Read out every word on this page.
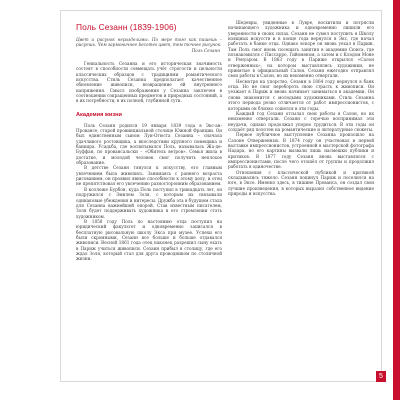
Поль Сезанн (1839-1906)

Цвет и рисунок неразделимы. По мере того как пишешь – рисуешь. Чем гармоничнее becomes цвет, тем точнее рисунок.

Поль Сезанн

Гениальность Сезанна и его историческая значимость состоят в способности совмещать учёт строгости и цельности классических образцов с традициями романтического искусства. Стиль Сезанна предполагает качественное обновление живописи, возвращение ей внутреннего напряжения. Смысл изображения у Сезанна заключен в соотношении сокращенных предметов и природных состояний, а в их потребности, в их полной, глубинной сути.

Академия жизни

Поль Сезанн родился 19 января 1839 года в Экс-ан-Провансе, старой провинциальной столице Южной Франции. Он был единственным сыном Луи-Огюста Сезанна – сначала удачливого ростовщика, а впоследствии крупного помещика и банкира. Усадьба, где воспитывался Поль, называлась Жа-де-Буффан, по провансальски – «Обитель ветров». Семья жила в достатке, и молодой человек смог получить неплохое образование.

В детстве Сезанн тянулся к искусству, его главным увлечением была живопись. Занимаясь с раннего возраста рисованием, он проявил явные способности к этому делу, и отец не препятствовал его увлечению разносторонним образованием.

В коллеже Бурбон, куда Поль поступил в тринадцать лет, он подружился с Эмилем Золя, с которым их связывали одинаковые убеждения и интересы. Дружба эта в будущем стала для Сезанна важнейшей опорой. Став известным писателем, Золя будет поддерживать художника в его стремлении стать художником.

В 1858 году Поль по настоянию отца поступил на юридический факультет и одновременно записался в бесплатную рисовальную школу Экса при музее. Успехи его были скромными, Сезанн все больше и больше отдавался живописи. Весной 1861 года отец наконец разрешил сыну ехать в Париж учиться живописи. Сезанн прибыл в столицу, где его ждал Золя, который стал для друга проводником по столичной жизни.

Шедевры, увиденные в Лувре, восхитили и потрясли начинающего художника и одновременно лишили его уверенности в своих силах. Сезанн не сумел поступить в Школу изящных искусств и в конце года вернулся в Экс, где начал работать в банке отца. Однако вскоре он вновь уехал в Париж. Там Поль смог вновь посещать занятия в академии Сюиса, где познакомился с Писсарро, Гийоменом, а затем и с Клодом Моне и Ренуаром. В 1863 году в Париже открылся «Салон отверженных», на котором выставлялись художники, не принятые в официальный Салон. Сезанн ежегодно отправлял свои работы в Салон, но их неизменно отвергали.

Несмотря на упорство, Сезанн в 1864 году вернулся в банк отца. Но не смог перебороть свою страсть к живописи. Он уезжает в Париж и вновь начинает заниматься в академии. Он снова знакомится с молодыми художниками. Стиль Сезанна этого периода резко отличается от работ импрессионистов, с которыми он близко сошелся в эти годы.

Каждый год Сезанн отсылал свои работы в Салон, но их неизменно отвергали. Сезанн с горечью воспринимал эти неудачи, однако продолжал упорно трудиться. В эти годы он создаёт ряд полотен на романтические и литературные сюжеты.

Первое публичное выступление Сезанна произошло на Салоне Отверженных. В 1874 году он участвовал в первой выставке импрессионистов, устроенной в мастерской фотографа Надара, но его картины вызвали лишь насмешки публики и критиков. В 1877 году Сезанн вновь выставлялся с импрессионистами, после чего отошёл от группы и продолжил работать в одиночестве.

Отношения с классической публикой и критикой складывались тяжело. Сезанн покинул Париж и поселился на юге, в Эксе. Именно здесь, в тишине Прованса, он создал свои лучшие произведения, в которых выразил собственное видение природы и искусства.

5
